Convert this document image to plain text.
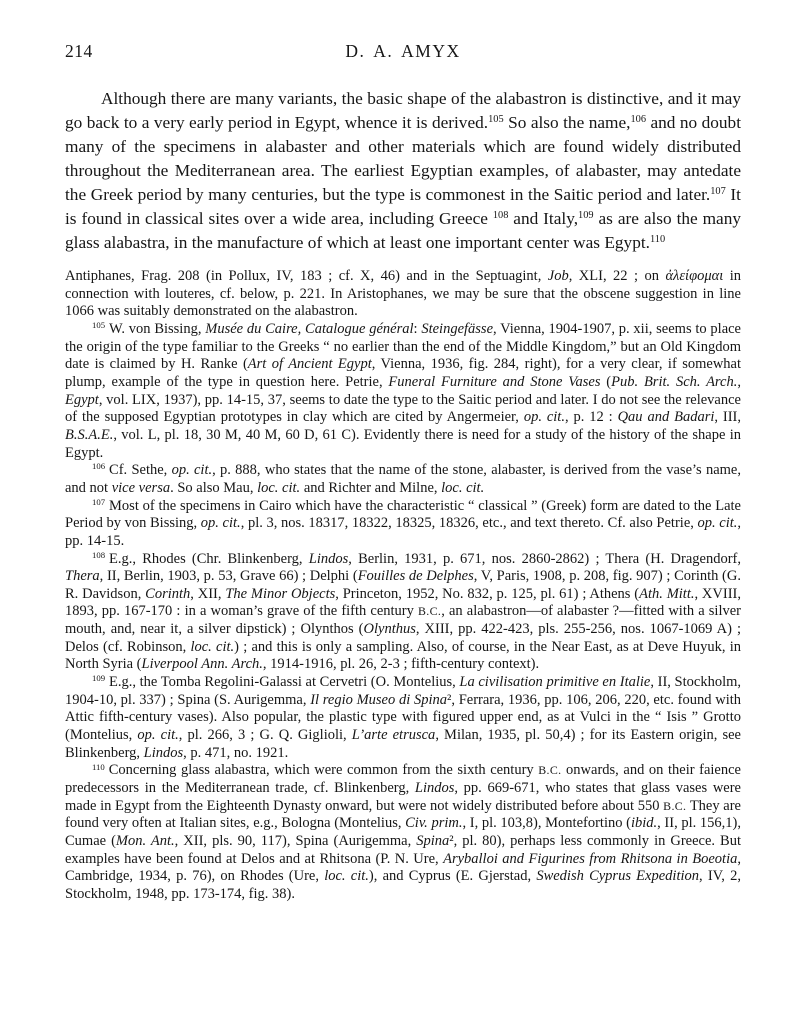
214	D. A. AMYX

Although there are many variants, the basic shape of the alabastron is distinctive, and it may go back to a very early period in Egypt, whence it is derived.$^{105}$ So also the name,$^{106}$ and no doubt many of the specimens in alabaster and other materials which are found widely distributed throughout the Mediterranean area. The earliest Egyptian examples, of alabaster, may antedate the Greek period by many centuries, but the type is commonest in the Saitic period and later.$^{107}$ It is found in classical sites over a wide area, including Greece $^{108}$ and Italy,$^{109}$ as are also the many glass alabastra, in the manufacture of which at least one important center was Egypt.$^{110}$

Antiphanes, Frag. 208 (in Pollux, IV, 183 ; cf. X, 46) and in the Septuagint, Job, XLI, 22 ; on ἀλείφομαι in connection with louteres, cf. below, p. 221. In Aristophanes, we may be sure that the obscene suggestion in line 1066 was suitably demonstrated on the alabastron.

$^{105}$ W. von Bissing, Musée du Caire, Catalogue général: Steingefässe, Vienna, 1904-1907, p. xii, seems to place the origin of the type familiar to the Greeks “ no earlier than the end of the Middle Kingdom,” but an Old Kingdom date is claimed by H. Ranke (Art of Ancient Egypt, Vienna, 1936, fig. 284, right), for a very clear, if somewhat plump, example of the type in question here. Petrie, Funeral Furniture and Stone Vases (Pub. Brit. Sch. Arch., Egypt, vol. LIX, 1937), pp. 14-15, 37, seems to date the type to the Saitic period and later. I do not see the relevance of the supposed Egyptian prototypes in clay which are cited by Angermeier, op. cit., p. 12 : Qau and Badari, III, B.S.A.E., vol. L, pl. 18, 30 M, 40 M, 60 D, 61 C). Evidently there is need for a study of the history of the shape in Egypt.

$^{106}$ Cf. Sethe, op. cit., p. 888, who states that the name of the stone, alabaster, is derived from the vase’s name, and not vice versa. So also Mau, loc. cit. and Richter and Milne, loc. cit.

$^{107}$ Most of the specimens in Cairo which have the characteristic “ classical ” (Greek) form are dated to the Late Period by von Bissing, op. cit., pl. 3, nos. 18317, 18322, 18325, 18326, etc., and text thereto. Cf. also Petrie, op. cit., pp. 14-15.

$^{108}$ E.g., Rhodes (Chr. Blinkenberg, Lindos, Berlin, 1931, p. 671, nos. 2860-2862) ; Thera (H. Dragendorf, Thera, II, Berlin, 1903, p. 53, Grave 66) ; Delphi (Fouilles de Delphes, V, Paris, 1908, p. 208, fig. 907) ; Corinth (G. R. Davidson, Corinth, XII, The Minor Objects, Princeton, 1952, No. 832, p. 125, pl. 61) ; Athens (Ath. Mitt., XVIII, 1893, pp. 167-170 : in a woman’s grave of the fifth century B.C., an alabastron—of alabaster ?—fitted with a silver mouth, and, near it, a silver dipstick) ; Olynthos (Olynthus, XIII, pp. 422-423, pls. 255-256, nos. 1067-1069 A) ; Delos (cf. Robinson, loc. cit.) ; and this is only a sampling. Also, of course, in the Near East, as at Deve Huyuk, in North Syria (Liverpool Ann. Arch., 1914-1916, pl. 26, 2-3 ; fifth-century context).

$^{109}$ E.g., the Tomba Regolini-Galassi at Cervetri (O. Montelius, La civilisation primitive en Italie, II, Stockholm, 1904-10, pl. 337) ; Spina (S. Aurigemma, Il regio Museo di Spina², Ferrara, 1936, pp. 106, 206, 220, etc. found with Attic fifth-century vases). Also popular, the plastic type with figured upper end, as at Vulci in the “ Isis ” Grotto (Montelius, op. cit., pl. 266, 3 ; G. Q. Giglioli, L’arte etrusca, Milan, 1935, pl. 50,4) ; for its Eastern origin, see Blinkenberg, Lindos, p. 471, no. 1921.

$^{110}$ Concerning glass alabastra, which were common from the sixth century B.C. onwards, and on their faience predecessors in the Mediterranean trade, cf. Blinkenberg, Lindos, pp. 669-671, who states that glass vases were made in Egypt from the Eighteenth Dynasty onward, but were not widely distributed before about 550 B.C. They are found very often at Italian sites, e.g., Bologna (Montelius, Civ. prim., I, pl. 103,8), Montefortino (ibid., II, pl. 156,1), Cumae (Mon. Ant., XII, pls. 90, 117), Spina (Aurigemma, Spina², pl. 80), perhaps less commonly in Greece. But examples have been found at Delos and at Rhitsona (P. N. Ure, Aryballoi and Figurines from Rhitsona in Boeotia, Cambridge, 1934, p. 76), on Rhodes (Ure, loc. cit.), and Cyprus (E. Gjerstad, Swedish Cyprus Expedition, IV, 2, Stockholm, 1948, pp. 173-174, fig. 38).
